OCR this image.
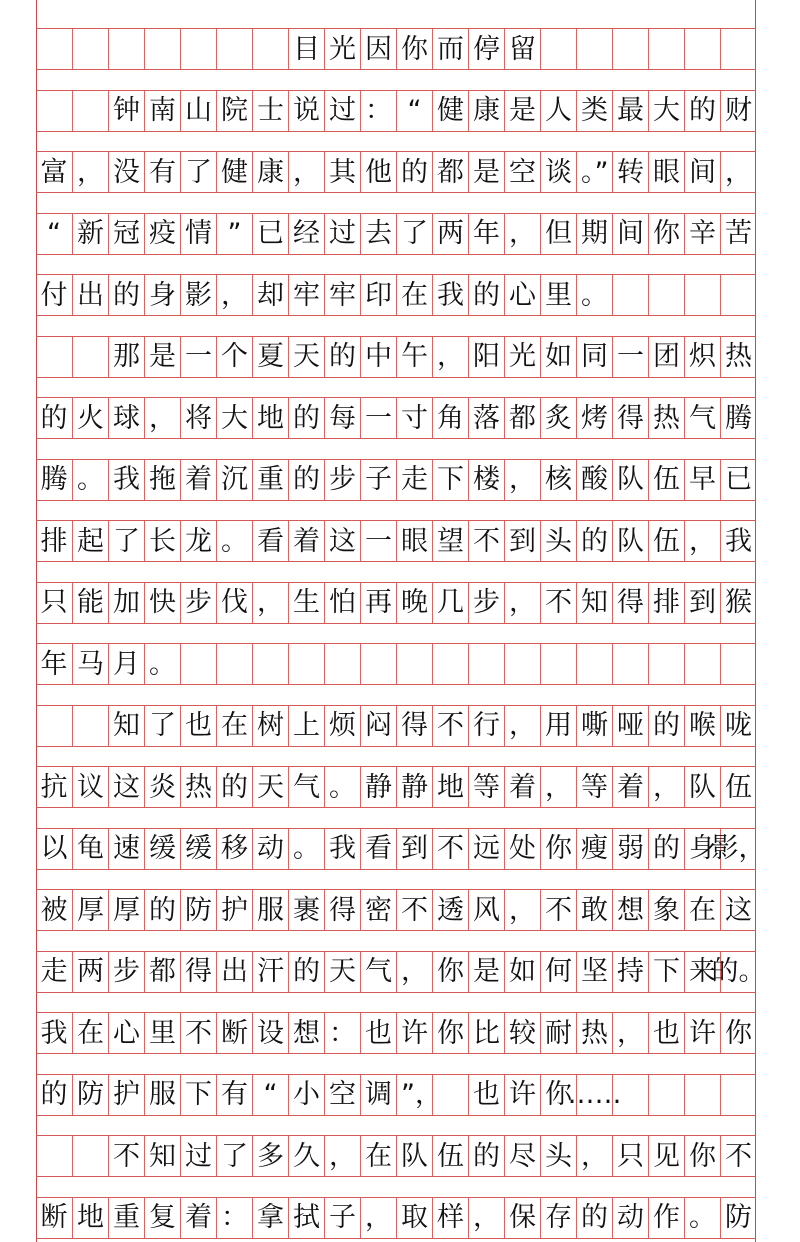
目 光 因 你 而 停 留
钟 南 山 院 士 说 过 ： “ 健 康 是 人 类 最 大 的 财
富 ， 没 有 了 健 康 ， 其 他 的 都 是 空 谈 。” 转 眼 间 ，
“ 新 冠 疫 情 ” 已 经 过 去 了 两 年 ， 但 期 间 你 辛 苦
付 出 的 身 影 ， 却 牢 牢 印 在 我 的 心 里 。
那 是 一 个 夏 天 的 中 午 ， 阳 光 如 同 一 团 炽 热
的 火 球 ， 将 大 地 的 每 一 寸 角 落 都 炙 烤 得 热 气 腾
腾 。 我 拖 着 沉 重 的 步 子 走 下 楼 ， 核 酸 队 伍 早 已
排 起 了 长 龙 。 看 着 这 一 眼 望 不 到 头 的 队 伍 ， 我
只 能 加 快 步 伐 ， 生 怕 再 晚 几 步 ， 不 知 得 排 到 猴
年 马 月 。
知 了 也 在 树 上 烦 闷 得 不 行 ， 用 嘶 哑 的 喉 咙
抗 议 这 炎 热 的 天 气 。 静 静 地 等 着 ， 等 着 ， 队 伍
以 龟 速 缓 缓 移 动 。 我 看 到 不 远 处 你 瘦 弱 的 身
影，
被 厚 厚 的 防 护 服 裹 得 密 不 透 风 ， 不 敢 想 象 在 这
走 两 步 都 得 出 汗 的 天 气 ， 你 是 如 何 坚 持 下 来
的。
我 在 心 里 不 断 设 想 ： 也 许 你 比 较 耐 热 ， 也 许 你
的 防 护 服 下 有 “ 小 空 调 ”， 也 许 你
……
不 知 过 了 多 久 ， 在 队 伍 的 尽 头 ， 只 见 你 不
断 地 重 复 着 ： 拿 拭 子 ， 取 样 ， 保 存 的 动 作 。 防
